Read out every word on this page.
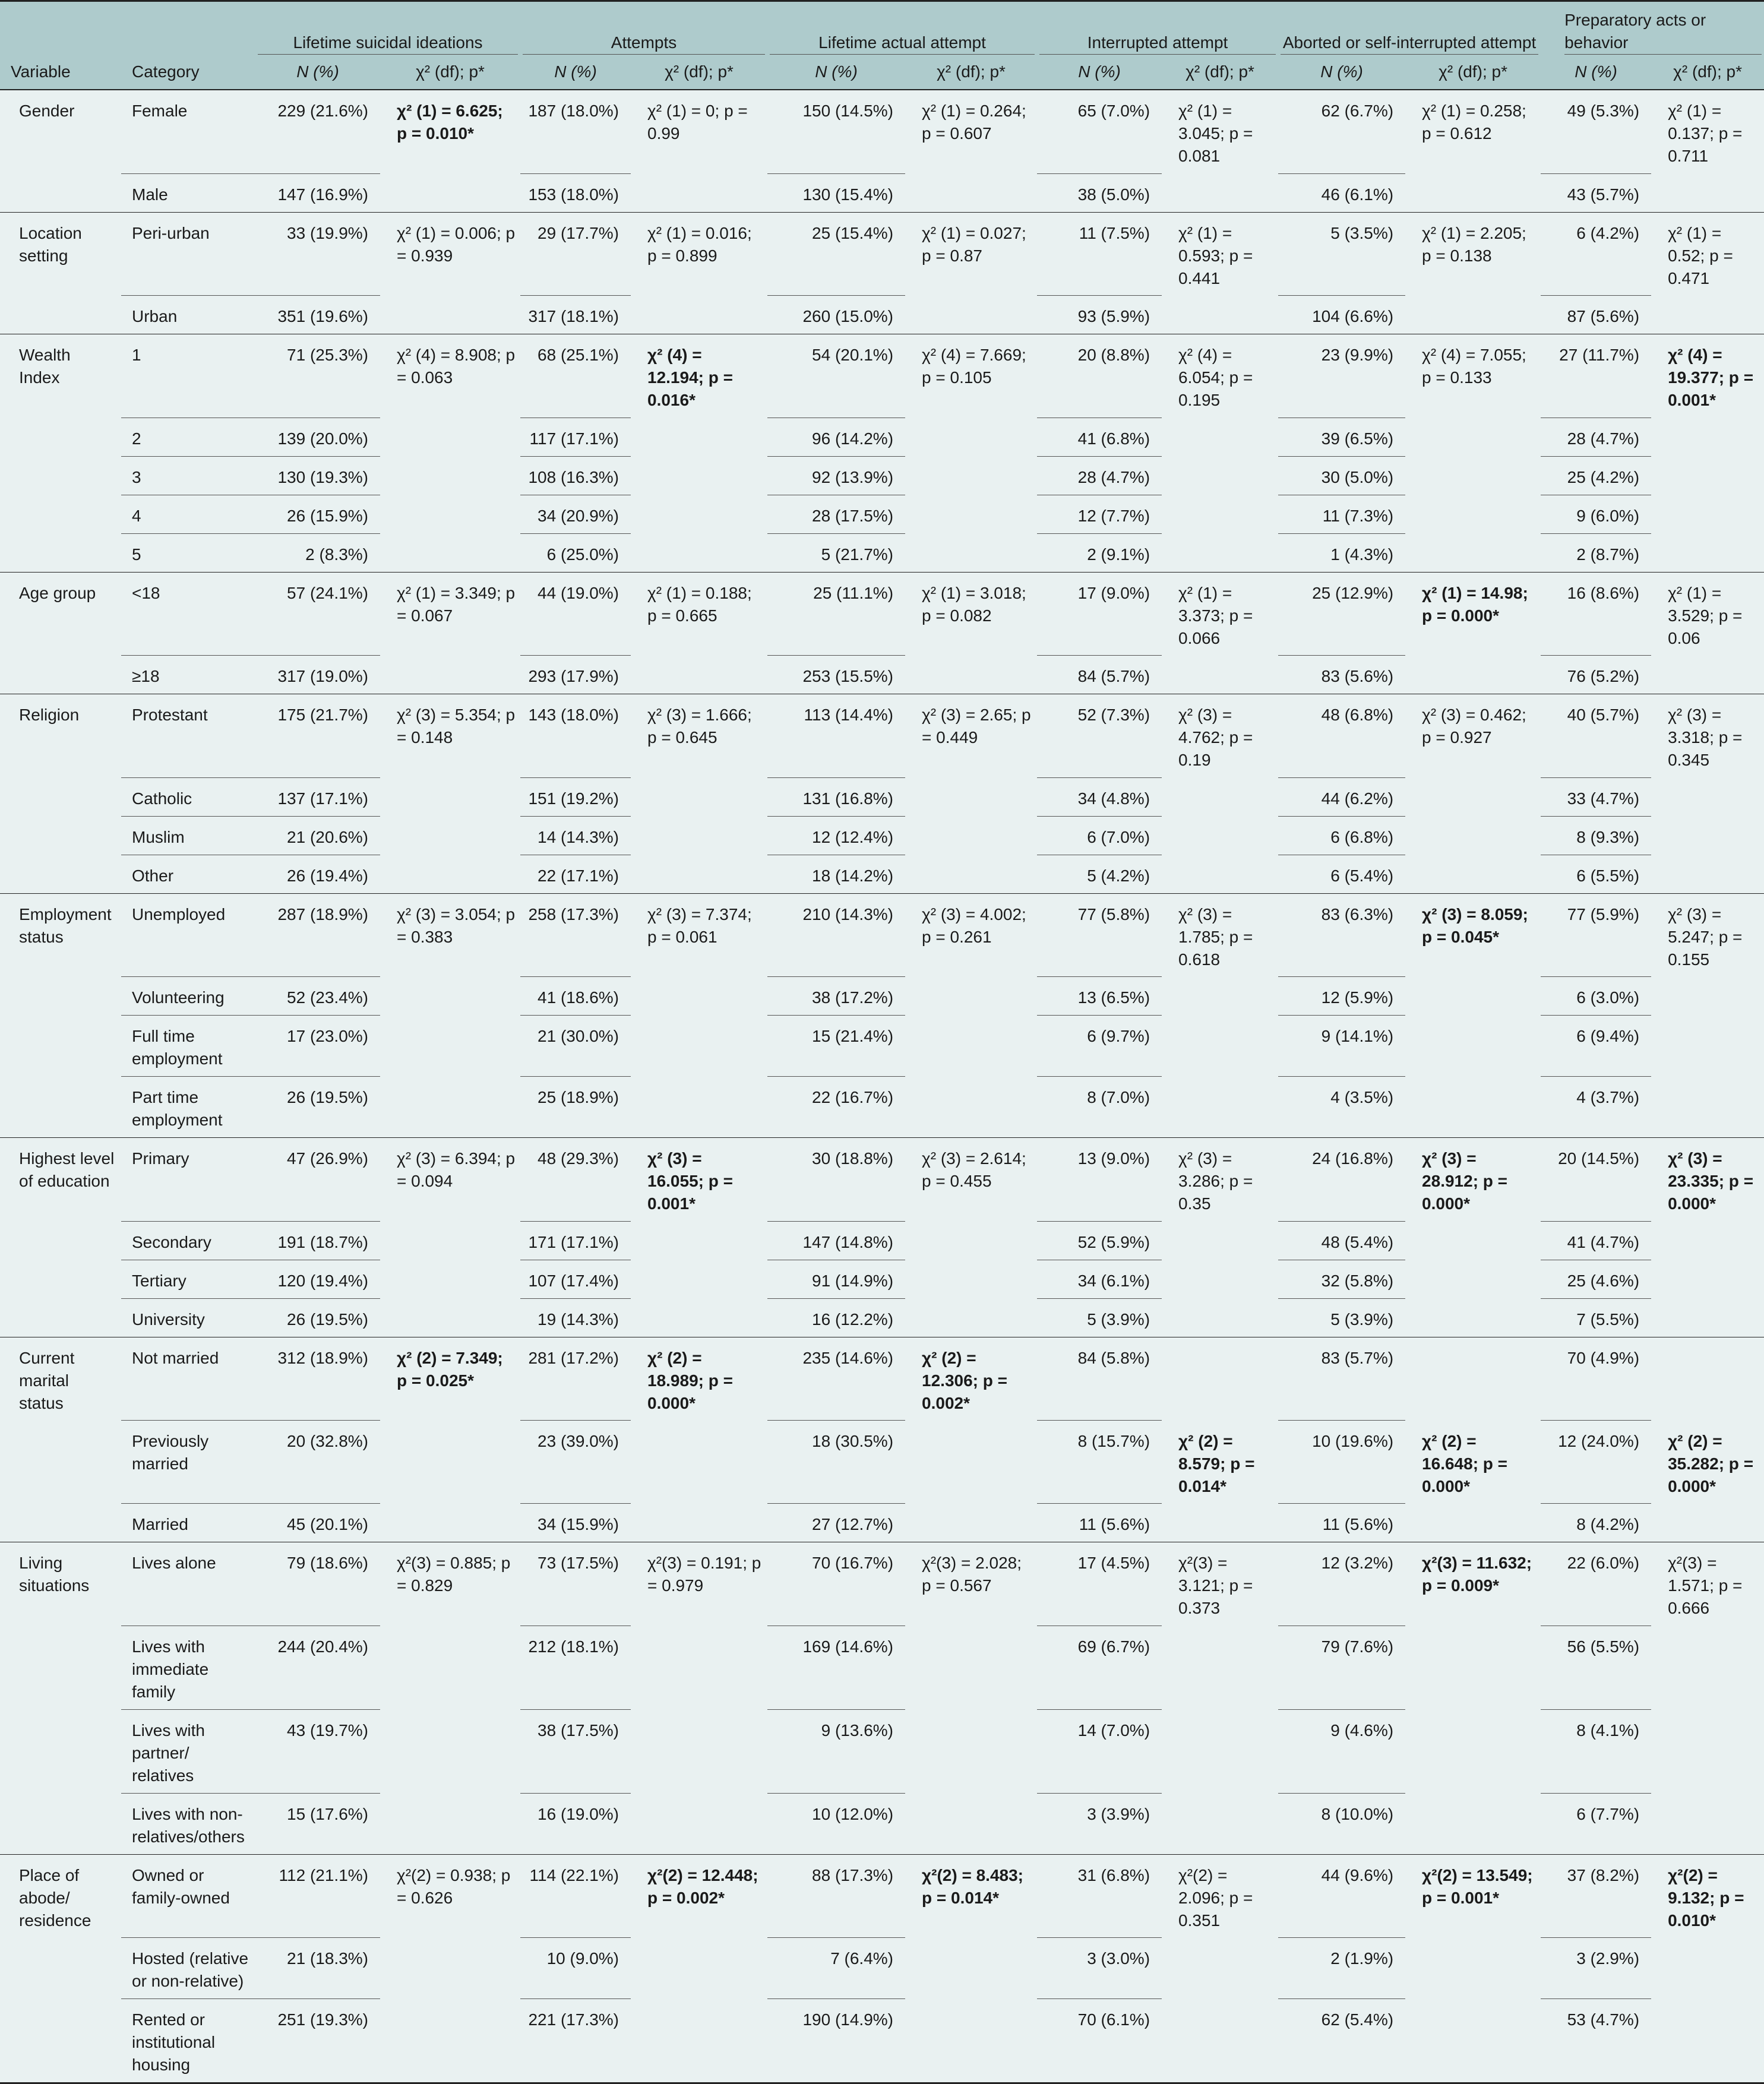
		Lifetime suicidal ideations		Attempts		Lifetime actual attempt		Interrupted attempt		Aborted or self-interrupted attempt		Preparatory acts or behavior	

Variable	Category	N (%)	χ² (df); p*	N (%)	χ² (df); p*	N (%)	χ² (df); p*	N (%)	χ² (df); p*	N (%)	χ² (df); p*	N (%)	χ² (df); p*
Gender	Female	229 (21.6%)	χ² (1) = 6.625; p = 0.010*	187 (18.0%)	χ² (1) = 0; p = 0.99	150 (14.5%)	χ² (1) = 0.264; p = 0.607	65 (7.0%)	χ² (1) = 3.045; p = 0.081	62 (6.7%)	χ² (1) = 0.258; p = 0.612	49 (5.3%)	χ² (1) = 0.137; p = 0.711
	Male	147 (16.9%)		153 (18.0%)		130 (15.4%)		38 (5.0%)		46 (6.1%)		43 (5.7%)	
Location setting	Peri-urban	33 (19.9%)	χ² (1) = 0.006; p = 0.939	29 (17.7%)	χ² (1) = 0.016; p = 0.899	25 (15.4%)	χ² (1) = 0.027; p = 0.87	11 (7.5%)	χ² (1) = 0.593; p = 0.441	5 (3.5%)	χ² (1) = 2.205; p = 0.138	6 (4.2%)	χ² (1) = 0.52; p = 0.471
	Urban	351 (19.6%)		317 (18.1%)		260 (15.0%)		93 (5.9%)		104 (6.6%)		87 (5.6%)	
Wealth Index	1	71 (25.3%)	χ² (4) = 8.908; p = 0.063	68 (25.1%)	χ² (4) = 12.194; p = 0.016*	54 (20.1%)	χ² (4) = 7.669; p = 0.105	20 (8.8%)	χ² (4) = 6.054; p = 0.195	23 (9.9%)	χ² (4) = 7.055; p = 0.133	27 (11.7%)	χ² (4) = 19.377; p = 0.001*
	2	139 (20.0%)		117 (17.1%)		96 (14.2%)		41 (6.8%)		39 (6.5%)		28 (4.7%)	
	3	130 (19.3%)		108 (16.3%)		92 (13.9%)		28 (4.7%)		30 (5.0%)		25 (4.2%)	
	4	26 (15.9%)		34 (20.9%)		28 (17.5%)		12 (7.7%)		11 (7.3%)		9 (6.0%)	
	5	2 (8.3%)		6 (25.0%)		5 (21.7%)		2 (9.1%)		1 (4.3%)		2 (8.7%)	
Age group	<18	57 (24.1%)	χ² (1) = 3.349; p = 0.067	44 (19.0%)	χ² (1) = 0.188; p = 0.665	25 (11.1%)	χ² (1) = 3.018; p = 0.082	17 (9.0%)	χ² (1) = 3.373; p = 0.066	25 (12.9%)	χ² (1) = 14.98; p = 0.000*	16 (8.6%)	χ² (1) = 3.529; p = 0.06
	≥18	317 (19.0%)		293 (17.9%)		253 (15.5%)		84 (5.7%)		83 (5.6%)		76 (5.2%)	
Religion	Protestant	175 (21.7%)	χ² (3) = 5.354; p = 0.148	143 (18.0%)	χ² (3) = 1.666; p = 0.645	113 (14.4%)	χ² (3) = 2.65; p = 0.449	52 (7.3%)	χ² (3) = 4.762; p = 0.19	48 (6.8%)	χ² (3) = 0.462; p = 0.927	40 (5.7%)	χ² (3) = 3.318; p = 0.345
	Catholic	137 (17.1%)		151 (19.2%)		131 (16.8%)		34 (4.8%)		44 (6.2%)		33 (4.7%)	
	Muslim	21 (20.6%)		14 (14.3%)		12 (12.4%)		6 (7.0%)		6 (6.8%)		8 (9.3%)	
	Other	26 (19.4%)		22 (17.1%)		18 (14.2%)		5 (4.2%)		6 (5.4%)		6 (5.5%)	
Employment status	Unemployed	287 (18.9%)	χ² (3) = 3.054; p = 0.383	258 (17.3%)	χ² (3) = 7.374; p = 0.061	210 (14.3%)	χ² (3) = 4.002; p = 0.261	77 (5.8%)	χ² (3) = 1.785; p = 0.618	83 (6.3%)	χ² (3) = 8.059; p = 0.045*	77 (5.9%)	χ² (3) = 5.247; p = 0.155
	Volunteering	52 (23.4%)		41 (18.6%)		38 (17.2%)		13 (6.5%)		12 (5.9%)		6 (3.0%)	
	Full time employment	17 (23.0%)		21 (30.0%)		15 (21.4%)		6 (9.7%)		9 (14.1%)		6 (9.4%)	
	Part time employment	26 (19.5%)		25 (18.9%)		22 (16.7%)		8 (7.0%)		4 (3.5%)		4 (3.7%)	
Highest level of education	Primary	47 (26.9%)	χ² (3) = 6.394; p = 0.094	48 (29.3%)	χ² (3) = 16.055; p = 0.001*	30 (18.8%)	χ² (3) = 2.614; p = 0.455	13 (9.0%)	χ² (3) = 3.286; p = 0.35	24 (16.8%)	χ² (3) = 28.912; p = 0.000*	20 (14.5%)	χ² (3) = 23.335; p = 0.000*
	Secondary	191 (18.7%)		171 (17.1%)		147 (14.8%)		52 (5.9%)		48 (5.4%)		41 (4.7%)	
	Tertiary	120 (19.4%)		107 (17.4%)		91 (14.9%)		34 (6.1%)		32 (5.8%)		25 (4.6%)	
	University	26 (19.5%)		19 (14.3%)		16 (12.2%)		5 (3.9%)		5 (3.9%)		7 (5.5%)	
Current marital status	Not married	312 (18.9%)	χ² (2) = 7.349; p = 0.025*	281 (17.2%)	χ² (2) = 18.989; p = 0.000*	235 (14.6%)	χ² (2) = 12.306; p = 0.002*	84 (5.8%)		83 (5.7%)		70 (4.9%)	
	Previously married	20 (32.8%)		23 (39.0%)		18 (30.5%)		8 (15.7%)	χ² (2) = 8.579; p = 0.014*	10 (19.6%)	χ² (2) = 16.648; p = 0.000*	12 (24.0%)	χ² (2) = 35.282; p = 0.000*
	Married	45 (20.1%)		34 (15.9%)		27 (12.7%)		11 (5.6%)		11 (5.6%)		8 (4.2%)	
Living situations	Lives alone	79 (18.6%)	χ²(3) = 0.885; p = 0.829	73 (17.5%)	χ²(3) = 0.191; p = 0.979	70 (16.7%)	χ²(3) = 2.028; p = 0.567	17 (4.5%)	χ²(3) = 3.121; p = 0.373	12 (3.2%)	χ²(3) = 11.632; p = 0.009*	22 (6.0%)	χ²(3) = 1.571; p = 0.666
	Lives with immediate family	244 (20.4%)		212 (18.1%)		169 (14.6%)		69 (6.7%)		79 (7.6%)		56 (5.5%)	
	Lives with partner/ relatives	43 (19.7%)		38 (17.5%)		9 (13.6%)		14 (7.0%)		9 (4.6%)		8 (4.1%)	
	Lives with non-relatives/others	15 (17.6%)		16 (19.0%)		10 (12.0%)		3 (3.9%)		8 (10.0%)		6 (7.7%)	
Place of abode/ residence	Owned or family-owned	112 (21.1%)	χ²(2) = 0.938; p = 0.626	114 (22.1%)	χ²(2) = 12.448; p = 0.002*	88 (17.3%)	χ²(2) = 8.483; p = 0.014*	31 (6.8%)	χ²(2) = 2.096; p = 0.351	44 (9.6%)	χ²(2) = 13.549; p = 0.001*	37 (8.2%)	χ²(2) = 9.132; p = 0.010*
	Hosted (relative or non-relative)	21 (18.3%)		10 (9.0%)		7 (6.4%)		3 (3.0%)		2 (1.9%)		3 (2.9%)	
	Rented or institutional housing	251 (19.3%)		221 (17.3%)		190 (14.9%)		70 (6.1%)		62 (5.4%)		53 (4.7%)	
